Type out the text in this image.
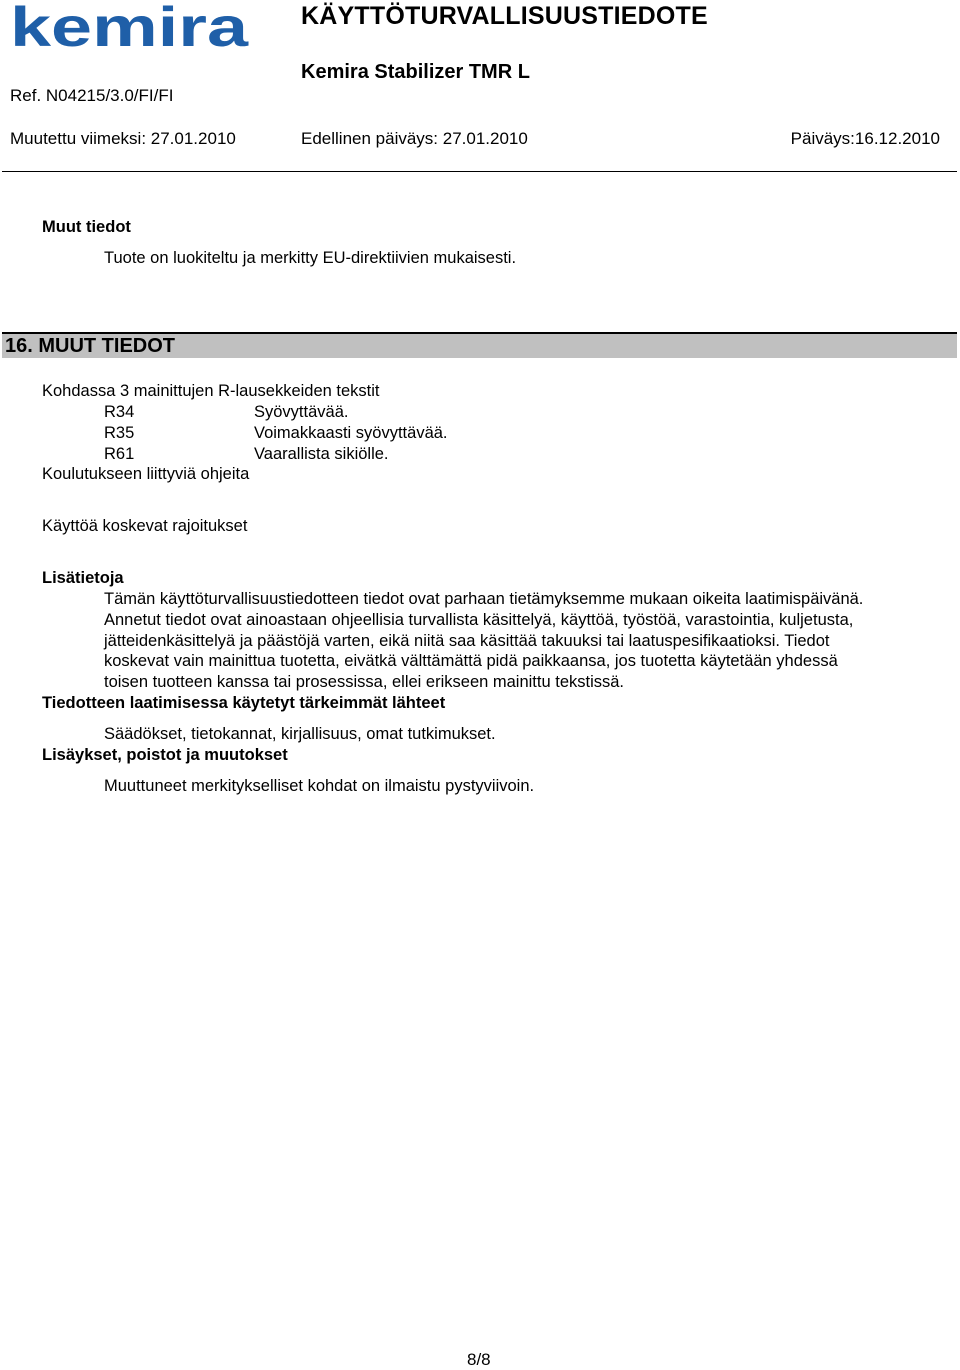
kemira KÄYTTÖTURVALLISUUSTIEDOTE
Kemira Stabilizer TMR L
Ref. N04215/3.0/FI/FI
Muutettu viimeksi: 27.01.2010	Edellinen päiväys: 27.01.2010	Päiväys:16.12.2010
Muut tiedot
Tuote on luokiteltu ja merkitty EU-direktiivien mukaisesti.
16. MUUT TIEDOT
Kohdassa 3 mainittujen R-lausekkeiden tekstit
R34	Syövyttävää.
R35	Voimakkaasti syövyttävää.
R61	Vaarallista sikiölle.
Koulutukseen liittyviä ohjeita
Käyttöä koskevat rajoitukset
Lisätietoja
Tämän käyttöturvallisuustiedotteen tiedot ovat parhaan tietämyksemme mukaan oikeita laatimispäivänä.
Annetut tiedot ovat ainoastaan ohjeellisia turvallista käsittelyä, käyttöä, työstöä, varastointia, kuljetusta,
jätteidenkäsittelyä ja päästöjä varten, eikä niitä saa käsittää takuuksi tai laatuspesifikaatioksi. Tiedot
koskevat vain mainittua tuotetta, eivätkä välttämättä pidä paikkaansa, jos tuotetta käytetään yhdessä
toisen tuotteen kanssa tai prosessissa, ellei erikseen mainittu tekstissä.
Tiedotteen laatimisessa käytetyt tärkeimmät lähteet
Säädökset, tietokannat, kirjallisuus, omat tutkimukset.
Lisäykset, poistot ja muutokset
Muuttuneet merkitykselliset kohdat on ilmaistu pystyviivoin.
8/8
